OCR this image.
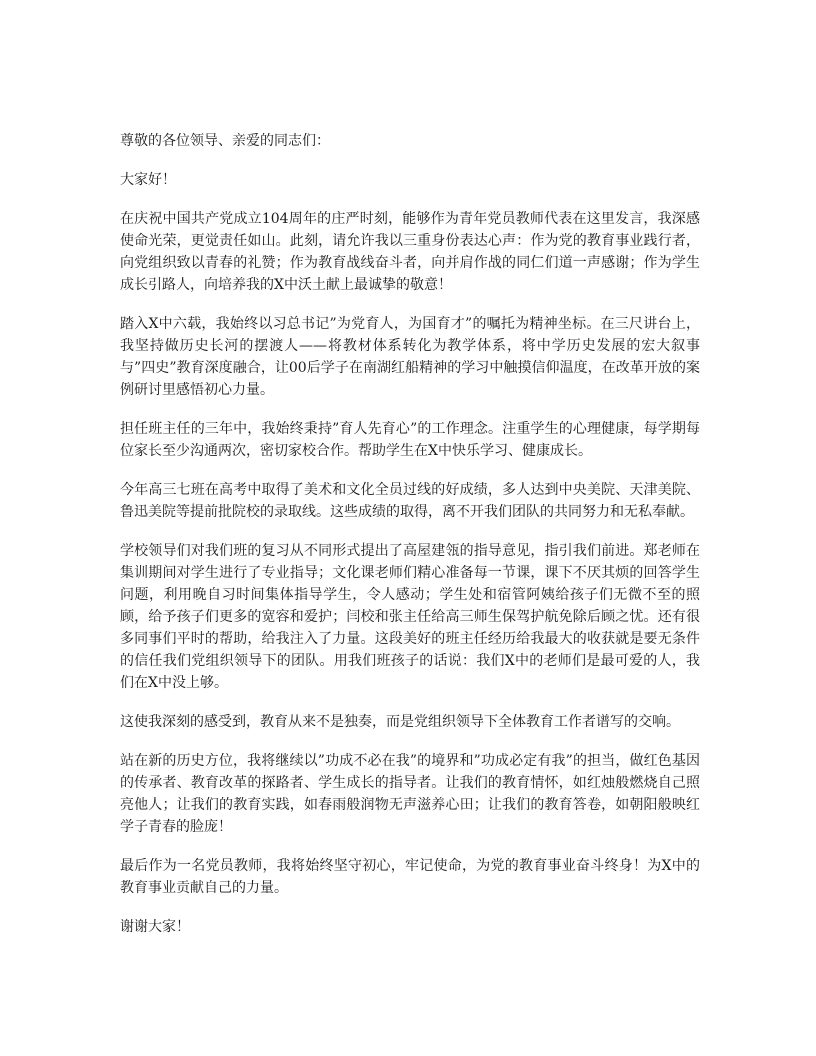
尊敬的各位领导、亲爱的同志们：

大家好！

在庆祝中国共产党成立104周年的庄严时刻，能够作为青年党员教师代表在这里发言，我深感使命光荣，更觉责任如山。此刻，请允许我以三重身份表达心声：作为党的教育事业践行者，向党组织致以青春的礼赞；作为教育战线奋斗者，向并肩作战的同仁们道一声感谢；作为学生成长引路人，向培养我的X中沃土献上最诚挚的敬意！

踏入X中六载，我始终以习总书记”为党育人，为国育才”的嘱托为精神坐标。在三尺讲台上，我坚持做历史长河的摆渡人——将教材体系转化为教学体系，将中学历史发展的宏大叙事与”四史”教育深度融合，让00后学子在南湖红船精神的学习中触摸信仰温度，在改革开放的案例研讨里感悟初心力量。

担任班主任的三年中，我始终秉持”育人先育心”的工作理念。注重学生的心理健康，每学期每位家长至少沟通两次，密切家校合作。帮助学生在X中快乐学习、健康成长。

今年高三七班在高考中取得了美术和文化全员过线的好成绩，多人达到中央美院、天津美院、鲁迅美院等提前批院校的录取线。这些成绩的取得，离不开我们团队的共同努力和无私奉献。

学校领导们对我们班的复习从不同形式提出了高屋建瓴的指导意见，指引我们前进。郑老师在集训期间对学生进行了专业指导；文化课老师们精心准备每一节课，课下不厌其烦的回答学生问题，利用晚自习时间集体指导学生，令人感动；学生处和宿管阿姨给孩子们无微不至的照顾，给予孩子们更多的宽容和爱护；闫校和张主任给高三师生保驾护航免除后顾之忧。还有很多同事们平时的帮助，给我注入了力量。这段美好的班主任经历给我最大的收获就是要无条件的信任我们党组织领导下的团队。用我们班孩子的话说：我们X中的老师们是最可爱的人，我们在X中没上够。

这使我深刻的感受到，教育从来不是独奏，而是党组织领导下全体教育工作者谱写的交响。

站在新的历史方位，我将继续以”功成不必在我”的境界和”功成必定有我”的担当，做红色基因的传承者、教育改革的探路者、学生成长的指导者。让我们的教育情怀，如红烛般燃烧自己照亮他人；让我们的教育实践，如春雨般润物无声滋养心田；让我们的教育答卷，如朝阳般映红学子青春的脸庞！

最后作为一名党员教师，我将始终坚守初心，牢记使命，为党的教育事业奋斗终身！为X中的教育事业贡献自己的力量。

谢谢大家！
